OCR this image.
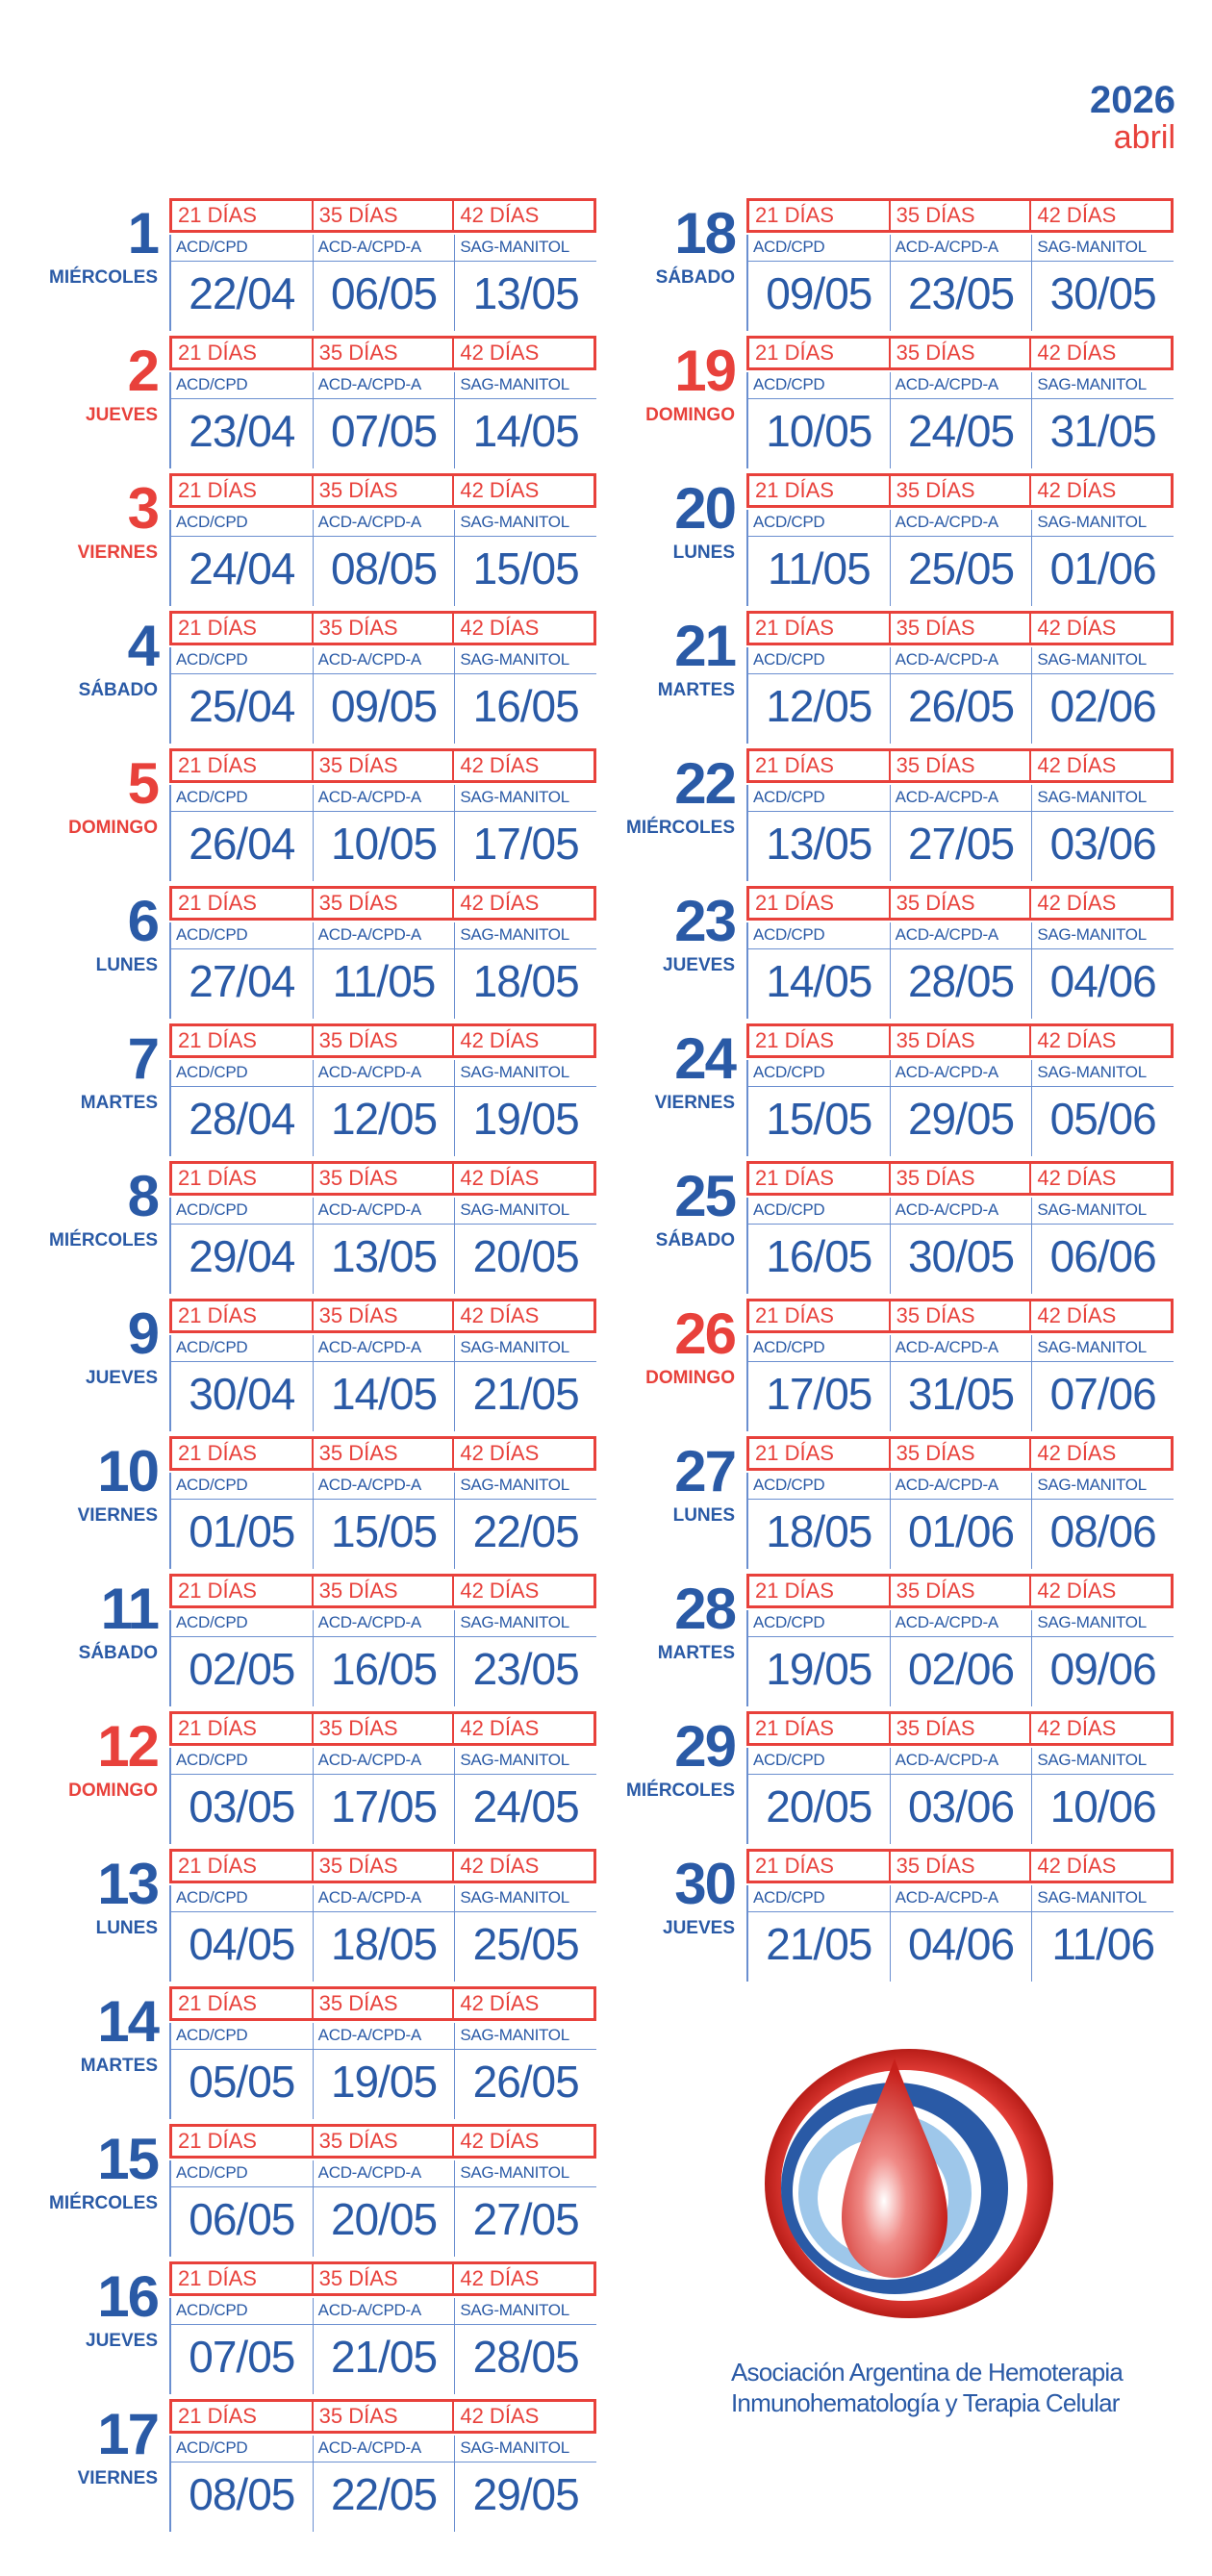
2026
abril
1
MIÉRCOLES
21 DÍAS	35 DÍAS	42 DÍAS
ACD/CPD	ACD-A/CPD-A	SAG-MANITOL
22/04 06/05 13/05
2
JUEVES
21 DÍAS	35 DÍAS	42 DÍAS
ACD/CPD	ACD-A/CPD-A	SAG-MANITOL
23/04 07/05 14/05
3
VIERNES
21 DÍAS	35 DÍAS	42 DÍAS
ACD/CPD	ACD-A/CPD-A	SAG-MANITOL
24/04 08/05 15/05
4
SÁBADO
21 DÍAS	35 DÍAS	42 DÍAS
ACD/CPD	ACD-A/CPD-A	SAG-MANITOL
25/04 09/05 16/05
5
DOMINGO
21 DÍAS	35 DÍAS	42 DÍAS
ACD/CPD	ACD-A/CPD-A	SAG-MANITOL
26/04 10/05 17/05
6
LUNES
21 DÍAS	35 DÍAS	42 DÍAS
ACD/CPD	ACD-A/CPD-A	SAG-MANITOL
27/04 11/05 18/05
7
MARTES
21 DÍAS	35 DÍAS	42 DÍAS
ACD/CPD	ACD-A/CPD-A	SAG-MANITOL
28/04 12/05 19/05
8
MIÉRCOLES
21 DÍAS	35 DÍAS	42 DÍAS
ACD/CPD	ACD-A/CPD-A	SAG-MANITOL
29/04 13/05 20/05
9
JUEVES
21 DÍAS	35 DÍAS	42 DÍAS
ACD/CPD	ACD-A/CPD-A	SAG-MANITOL
30/04 14/05 21/05
10
VIERNES
21 DÍAS	35 DÍAS	42 DÍAS
ACD/CPD	ACD-A/CPD-A	SAG-MANITOL
01/05 15/05 22/05
11
SÁBADO
21 DÍAS	35 DÍAS	42 DÍAS
ACD/CPD	ACD-A/CPD-A	SAG-MANITOL
02/05 16/05 23/05
12
DOMINGO
21 DÍAS	35 DÍAS	42 DÍAS
ACD/CPD	ACD-A/CPD-A	SAG-MANITOL
03/05 17/05 24/05
13
LUNES
21 DÍAS	35 DÍAS	42 DÍAS
ACD/CPD	ACD-A/CPD-A	SAG-MANITOL
04/05 18/05 25/05
14
MARTES
21 DÍAS	35 DÍAS	42 DÍAS
ACD/CPD	ACD-A/CPD-A	SAG-MANITOL
05/05 19/05 26/05
15
MIÉRCOLES
21 DÍAS	35 DÍAS	42 DÍAS
ACD/CPD	ACD-A/CPD-A	SAG-MANITOL
06/05 20/05 27/05
16
JUEVES
21 DÍAS	35 DÍAS	42 DÍAS
ACD/CPD	ACD-A/CPD-A	SAG-MANITOL
07/05 21/05 28/05
17
VIERNES
21 DÍAS	35 DÍAS	42 DÍAS
ACD/CPD	ACD-A/CPD-A	SAG-MANITOL
08/05 22/05 29/05
18
SÁBADO
21 DÍAS	35 DÍAS	42 DÍAS
ACD/CPD	ACD-A/CPD-A	SAG-MANITOL
09/05 23/05 30/05
19
DOMINGO
21 DÍAS	35 DÍAS	42 DÍAS
ACD/CPD	ACD-A/CPD-A	SAG-MANITOL
10/05 24/05 31/05
20
LUNES
21 DÍAS	35 DÍAS	42 DÍAS
ACD/CPD	ACD-A/CPD-A	SAG-MANITOL
11/05 25/05 01/06
21
MARTES
21 DÍAS	35 DÍAS	42 DÍAS
ACD/CPD	ACD-A/CPD-A	SAG-MANITOL
12/05 26/05 02/06
22
MIÉRCOLES
21 DÍAS	35 DÍAS	42 DÍAS
ACD/CPD	ACD-A/CPD-A	SAG-MANITOL
13/05 27/05 03/06
23
JUEVES
21 DÍAS	35 DÍAS	42 DÍAS
ACD/CPD	ACD-A/CPD-A	SAG-MANITOL
14/05 28/05 04/06
24
VIERNES
21 DÍAS	35 DÍAS	42 DÍAS
ACD/CPD	ACD-A/CPD-A	SAG-MANITOL
15/05 29/05 05/06
25
SÁBADO
21 DÍAS	35 DÍAS	42 DÍAS
ACD/CPD	ACD-A/CPD-A	SAG-MANITOL
16/05 30/05 06/06
26
DOMINGO
21 DÍAS	35 DÍAS	42 DÍAS
ACD/CPD	ACD-A/CPD-A	SAG-MANITOL
17/05 31/05 07/06
27
LUNES
21 DÍAS	35 DÍAS	42 DÍAS
ACD/CPD	ACD-A/CPD-A	SAG-MANITOL
18/05 01/06 08/06
28
MARTES
21 DÍAS	35 DÍAS	42 DÍAS
ACD/CPD	ACD-A/CPD-A	SAG-MANITOL
19/05 02/06 09/06
29
MIÉRCOLES
21 DÍAS	35 DÍAS	42 DÍAS
ACD/CPD	ACD-A/CPD-A	SAG-MANITOL
20/05 03/06 10/06
30
JUEVES
21 DÍAS	35 DÍAS	42 DÍAS
ACD/CPD	ACD-A/CPD-A	SAG-MANITOL
21/05 04/06 11/06
Asociación Argentina de Hemoterapia
Inmunohematología y Terapia Celular
